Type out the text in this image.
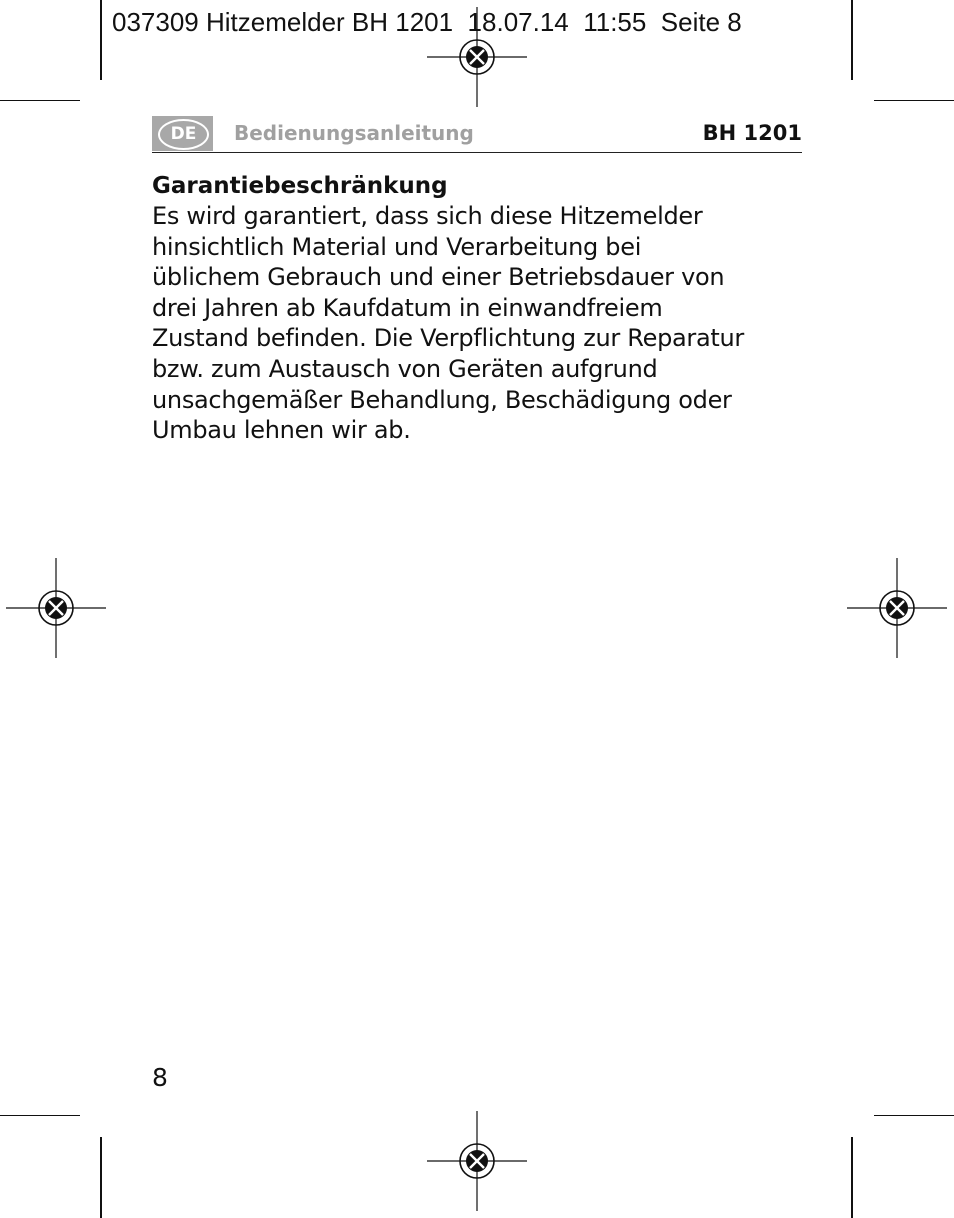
037309 Hitzemelder BH 1201  18.07.14  11:55  Seite 8
DE	Bedienungsanleitung	BH 1201

Garantiebeschränkung

Es wird garantiert, dass sich diese Hitzemelder
hinsichtlich Material und Verarbeitung bei
üblichem Gebrauch und einer Betriebsdauer von
drei Jahren ab Kaufdatum in einwandfreiem
Zustand befinden. Die Verpflichtung zur Reparatur
bzw. zum Austausch von Geräten aufgrund
unsachgemäßer Behandlung, Beschädigung oder
Umbau lehnen wir ab.
8
